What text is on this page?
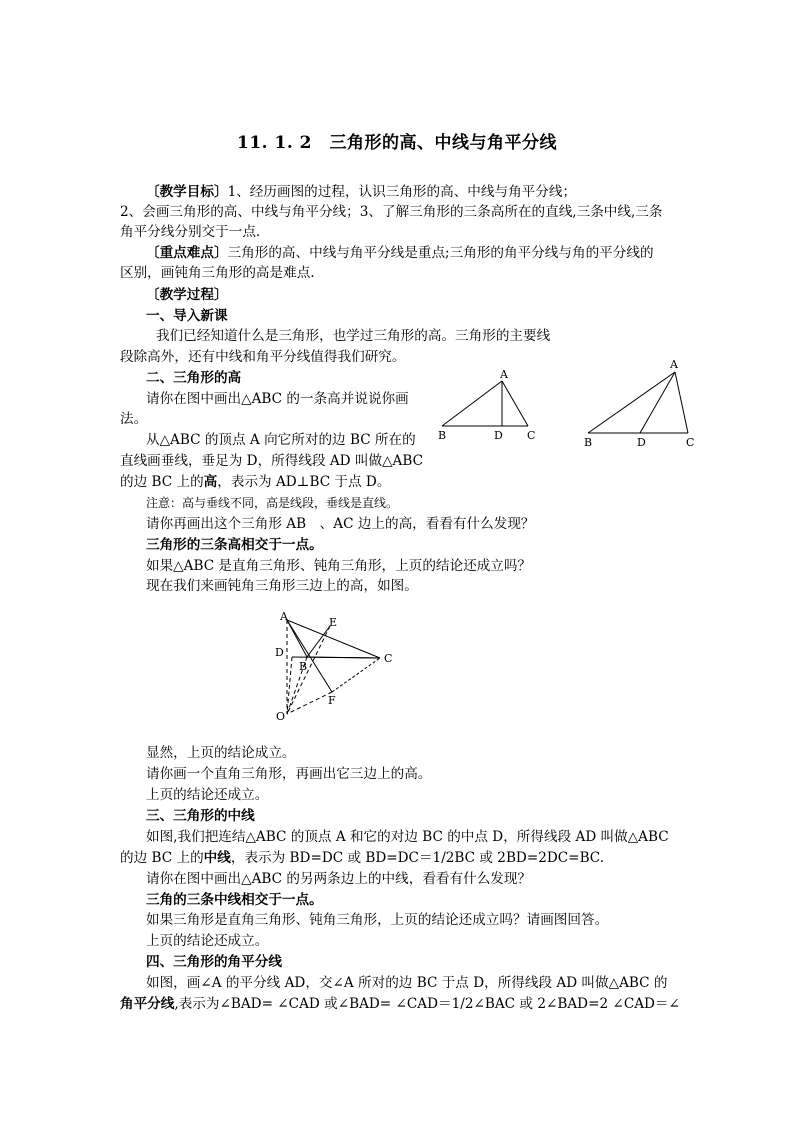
11. 1. 2　三角形的高、中线与角平分线
〔教学目标〕1、经历画图的过程，认识三角形的高、中线与角平分线；
2、会画三角形的高、中线与角平分线；3、了解三角形的三条高所在的直线,三条中线,三条
角平分线分别交于一点.
〔重点难点〕三角形的高、中线与角平分线是重点;三角形的角平分线与角的平分线的
区别，画钝角三角形的高是难点.
〔教学过程〕
一、导入新课
我们已经知道什么是三角形，也学过三角形的高。三角形的主要线
段除高外，还有中线和角平分线值得我们研究。
二、三角形的高
请你在图中画出△ABC 的一条高并说说你画
法。
从△ABC 的顶点 A 向它所对的边 BC 所在的
直线画垂线，垂足为 D，所得线段 AD 叫做△ABC
的边 BC 上的高，表示为 AD⊥BC 于点 D。
注意：高与垂线不同，高是线段，垂线是直线。
请你再画出这个三角形 AB　、AC 边上的高，看看有什么发现？
三角形的三条高相交于一点。
如果△ABC 是直角三角形、钝角三角形，上页的结论还成立吗？
现在我们来画钝角三角形三边上的高，如图。
显然，上页的结论成立。
请你画一个直角三角形，再画出它三边上的高。
上页的结论还成立。
三、三角形的中线
如图,我们把连结△ABC 的顶点 A 和它的对边 BC 的中点 D，所得线段 AD 叫做△ABC
的边 BC 上的中线，表示为 BD=DC 或 BD=DC＝1/2BC 或 2BD=2DC=BC.
请你在图中画出△ABC 的另两条边上的中线，看看有什么发现？
三角的三条中线相交于一点。
如果三角形是直角三角形、钝角三角形，上页的结论还成立吗？请画图回答。
上页的结论还成立。
四、三角形的角平分线
如图，画∠A 的平分线 AD，交∠A 所对的边 BC 于点 D，所得线段 AD 叫做△ABC 的
角平分线,表示为∠BAD= ∠CAD 或∠BAD= ∠CAD＝1/2∠BAC 或 2∠BAD=2 ∠CAD＝∠
A
B	D C
A
B	D	C
A	E
D
B
C
F
O
